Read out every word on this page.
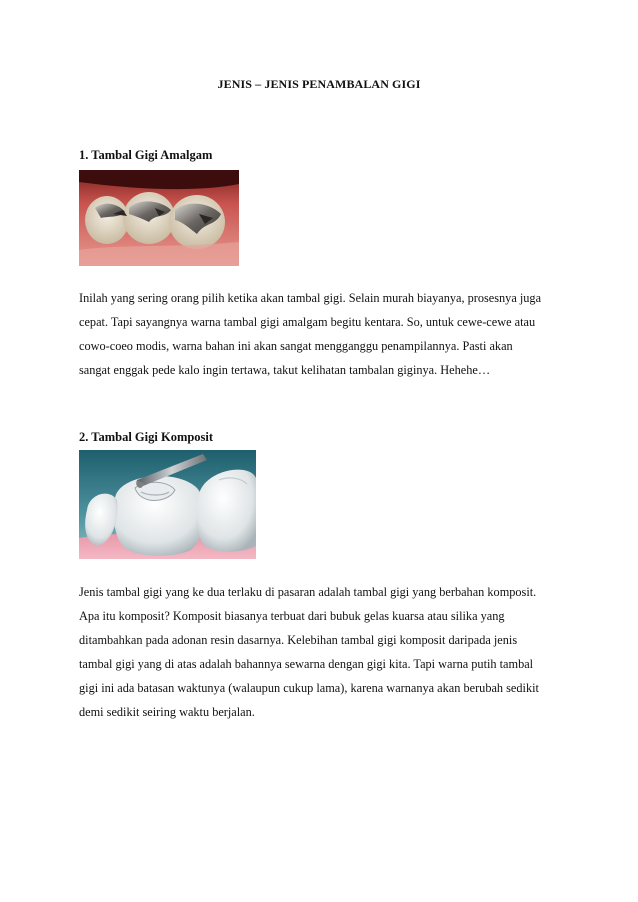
JENIS – JENIS PENAMBALAN GIGI
1. Tambal Gigi Amalgam
Inilah yang sering orang pilih ketika akan tambal gigi. Selain murah biayanya, prosesnya juga
cepat. Tapi sayangnya warna tambal gigi amalgam begitu kentara. So, untuk cewe-cewe atau
cowo-coeo modis, warna bahan ini akan sangat mengganggu penampilannya. Pasti akan
sangat enggak pede kalo ingin tertawa, takut kelihatan tambalan giginya. Hehehe…
2. Tambal Gigi Komposit
Jenis tambal gigi yang ke dua terlaku di pasaran adalah tambal gigi yang berbahan komposit.
Apa itu komposit? Komposit biasanya terbuat dari bubuk gelas kuarsa atau silika yang
ditambahkan pada adonan resin dasarnya. Kelebihan tambal gigi komposit daripada jenis
tambal gigi yang di atas adalah bahannya sewarna dengan gigi kita. Tapi warna putih tambal
gigi ini ada batasan waktunya (walaupun cukup lama), karena warnanya akan berubah sedikit
demi sedikit seiring waktu berjalan.
